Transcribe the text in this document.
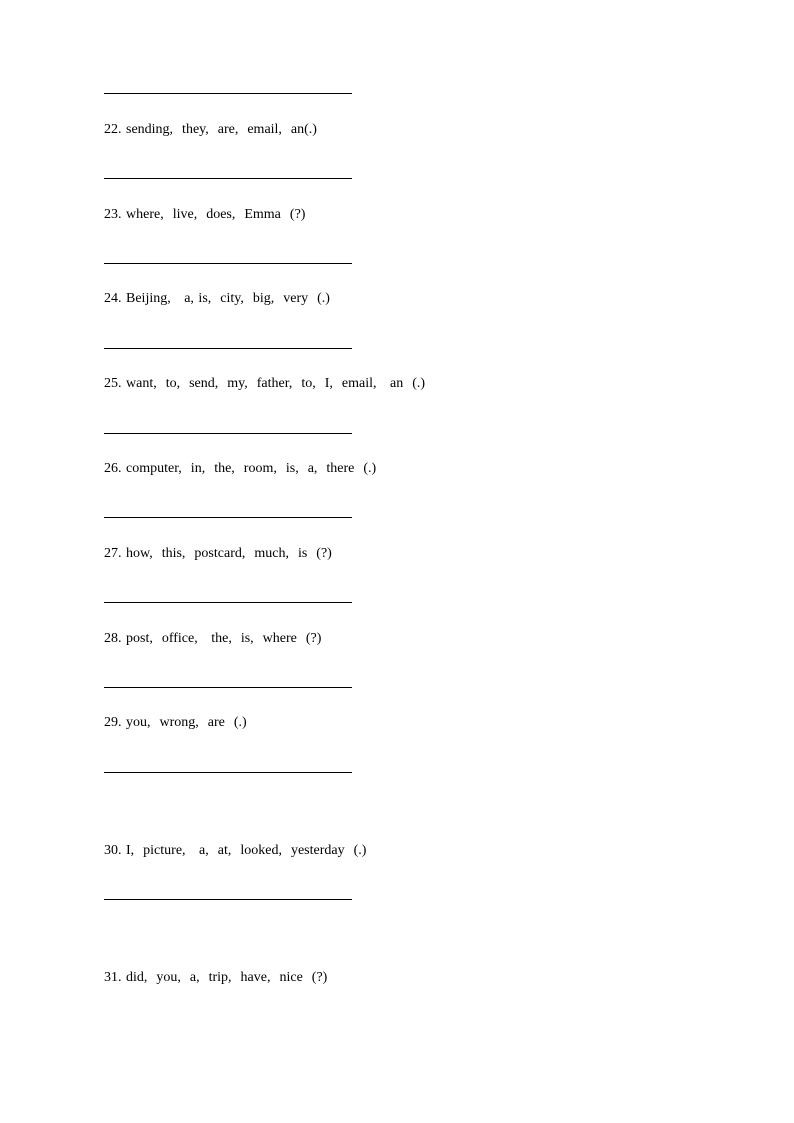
22. sending,  they,  are,  email,  an(.)
23. where,  live,  does,  Emma  (?)
24. Beijing,   a, is,  city,  big,  very  (.)
25. want,  to,  send,  my,  father,  to,  I,  email,   an  (.)
26. computer,  in,  the,  room,  is,  a,  there  (.)
27. how,  this,  postcard,  much,  is  (?)
28. post,  office,   the,  is,  where  (?)
29. you,  wrong,  are  (.)
30. I,  picture,   a,  at,  looked,  yesterday  (.)
31. did,  you,  a,  trip,  have,  nice  (?)
